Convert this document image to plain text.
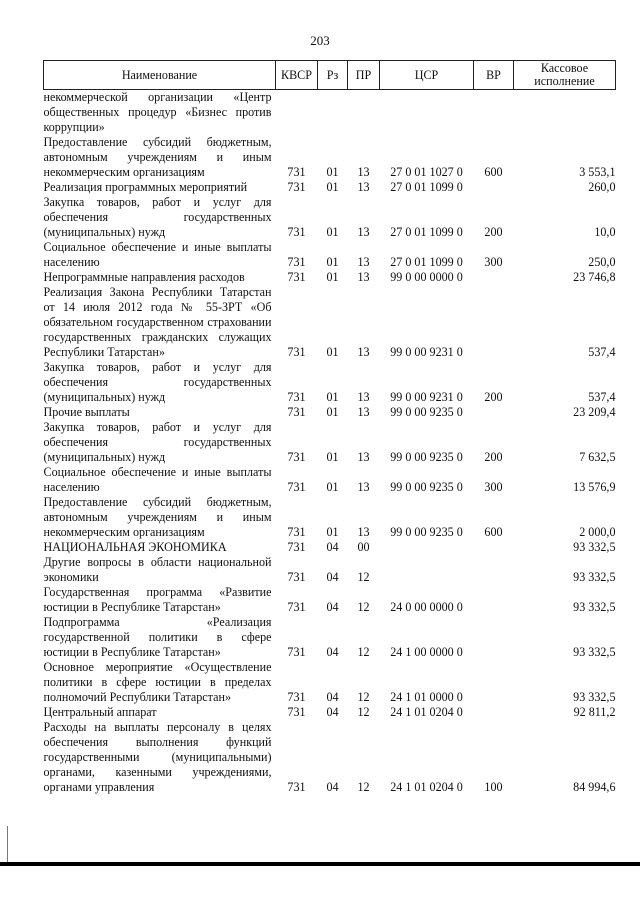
203
Наименование	КВСР	Рз	ПР	ЦСР	ВР	Кассовое исполнение
некоммерческой организации «Центр общественных процедур «Бизнес против коррупции»						
Предоставление субсидий бюджетным, автономным учреждениям и иным некоммерческим организациям	731	01	13	27 0 01 1027 0	600	3 553,1
Реализация программных мероприятий	731	01	13	27 0 01 1099 0		260,0
Закупка товаров, работ и услуг для обеспечения государственных (муниципальных) нужд	731	01	13	27 0 01 1099 0	200	10,0
Социальное обеспечение и иные выплаты населению	731	01	13	27 0 01 1099 0	300	250,0
Непрограммные направления расходов	731	01	13	99 0 00 0000 0		23 746,8
Реализация Закона Республики Татарстан от 14 июля 2012 года № 55-ЗРТ «Об обязательном государственном страховании государственных гражданских служащих Республики Татарстан»	731	01	13	99 0 00 9231 0		537,4
Закупка товаров, работ и услуг для обеспечения государственных (муниципальных) нужд	731	01	13	99 0 00 9231 0	200	537,4
Прочие выплаты	731	01	13	99 0 00 9235 0		23 209,4
Закупка товаров, работ и услуг для обеспечения государственных (муниципальных) нужд	731	01	13	99 0 00 9235 0	200	7 632,5
Социальное обеспечение и иные выплаты населению	731	01	13	99 0 00 9235 0	300	13 576,9
Предоставление субсидий бюджетным, автономным учреждениям и иным некоммерческим организациям	731	01	13	99 0 00 9235 0	600	2 000,0
НАЦИОНАЛЬНАЯ ЭКОНОМИКА	731	04	00			93 332,5
Другие вопросы в области национальной экономики	731	04	12			93 332,5
Государственная программа «Развитие юстиции в Республике Татарстан»	731	04	12	24 0 00 0000 0		93 332,5
Подпрограмма «Реализация государственной политики в сфере юстиции в Республике Татарстан»	731	04	12	24 1 00 0000 0		93 332,5
Основное мероприятие «Осуществление политики в сфере юстиции в пределах полномочий Республики Татарстан»	731	04	12	24 1 01 0000 0		93 332,5
Центральный аппарат	731	04	12	24 1 01 0204 0		92 811,2
Расходы на выплаты персоналу в целях обеспечения выполнения функций государственными (муниципальными) органами, казенными учреждениями, органами управления	731	04	12	24 1 01 0204 0	100	84 994,6
